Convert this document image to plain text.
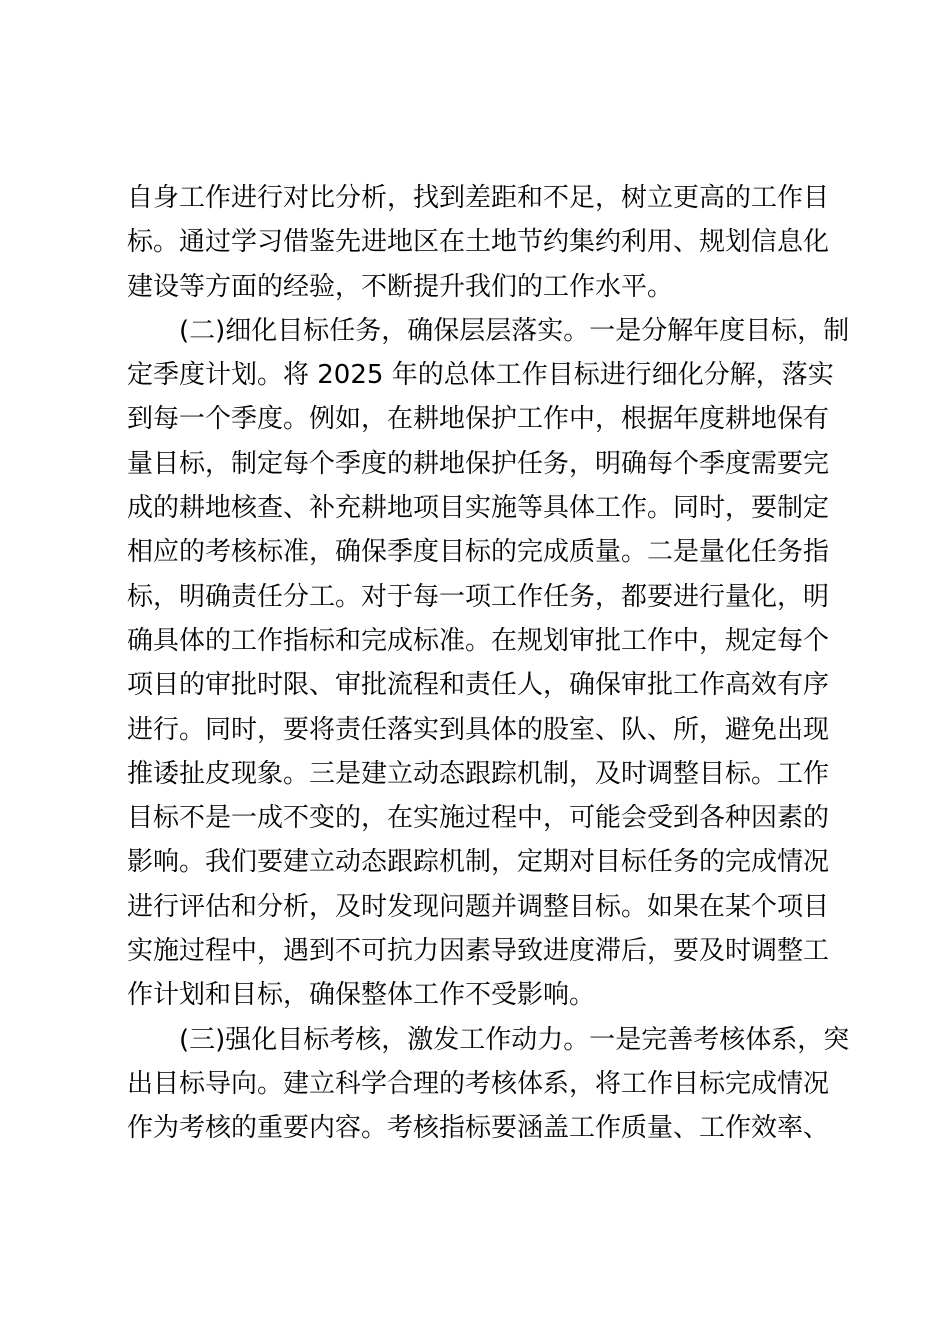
自身工作进行对比分析，找到差距和不足，树立更高的工作目
标。通过学习借鉴先进地区在土地节约集约利用、规划信息化
建设等方面的经验，不断提升我们的工作水平。
　　(二)细化目标任务，确保层层落实。一是分解年度目标，制
定季度计划。将 2025 年的总体工作目标进行细化分解，落实
到每一个季度。例如，在耕地保护工作中，根据年度耕地保有
量目标，制定每个季度的耕地保护任务，明确每个季度需要完
成的耕地核查、补充耕地项目实施等具体工作。同时，要制定
相应的考核标准，确保季度目标的完成质量。二是量化任务指
标，明确责任分工。对于每一项工作任务，都要进行量化，明
确具体的工作指标和完成标准。在规划审批工作中，规定每个
项目的审批时限、审批流程和责任人，确保审批工作高效有序
进行。同时，要将责任落实到具体的股室、队、所，避免出现
推诿扯皮现象。三是建立动态跟踪机制，及时调整目标。工作
目标不是一成不变的，在实施过程中，可能会受到各种因素的
影响。我们要建立动态跟踪机制，定期对目标任务的完成情况
进行评估和分析，及时发现问题并调整目标。如果在某个项目
实施过程中，遇到不可抗力因素导致进度滞后，要及时调整工
作计划和目标，确保整体工作不受影响。
　　(三)强化目标考核，激发工作动力。一是完善考核体系，突
出目标导向。建立科学合理的考核体系，将工作目标完成情况
作为考核的重要内容。考核指标要涵盖工作质量、工作效率、
